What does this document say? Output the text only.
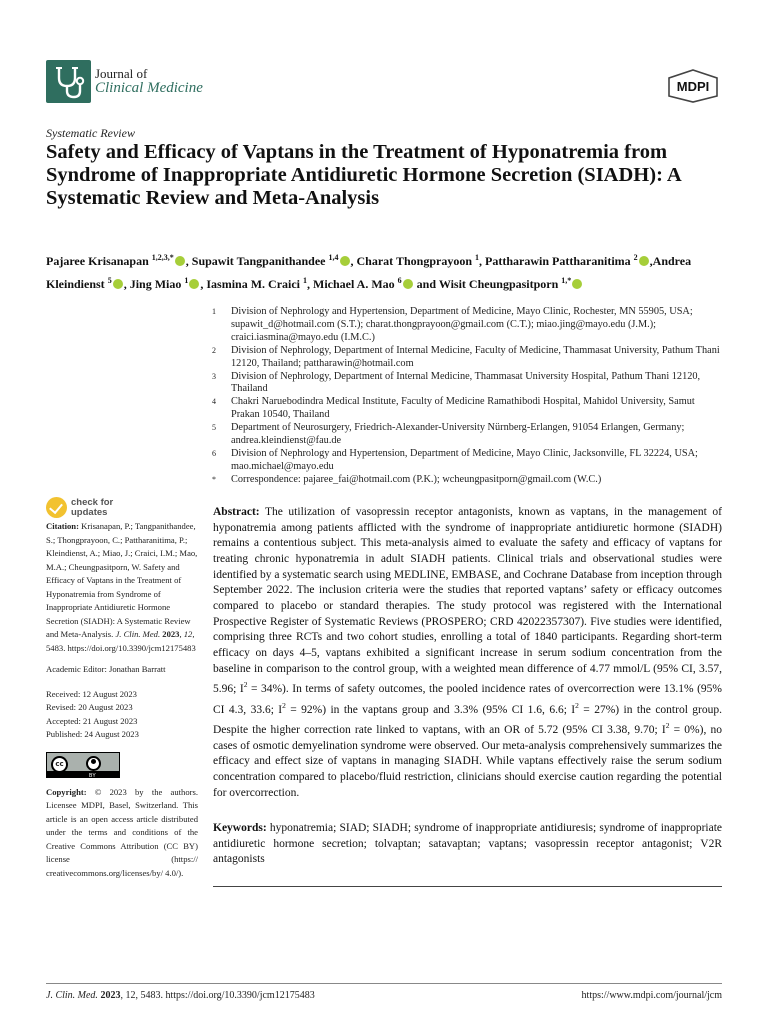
Journal of
Clinical Medicine	MDPI
Systematic Review
Safety and Efficacy of Vaptans in the Treatment of Hyponatremia from Syndrome of Inappropriate Antidiuretic Hormone Secretion (SIADH): A Systematic Review and Meta-Analysis
Pajaree Krisanapan $^{1,2,3,*}$ , Supawit Tangpanithandee $^{1,4}$ , Charat Thongprayoon $^1$, Pattharawin Pattharanitima $^2$ ,Andrea Kleindienst $^5$ , Jing Miao $^1$ , Iasmina M. Craici $^1$, Michael A. Mao $^6$ and Wisit Cheungpasitporn $^{1,*}$
1	Division of Nephrology and Hypertension, Department of Medicine, Mayo Clinic, Rochester, MN 55905, USA; supawit_d@hotmail.com (S.T.); charat.thongprayoon@gmail.com (C.T.); miao.jing@mayo.edu (J.M.); craici.iasmina@mayo.edu (I.M.C.)
2	Division of Nephrology, Department of Internal Medicine, Faculty of Medicine, Thammasat University, Pathum Thani 12120, Thailand; pattharawin@hotmail.com
3	Division of Nephrology, Department of Internal Medicine, Thammasat University Hospital, Pathum Thani 12120, Thailand
4	Chakri Naruebodindra Medical Institute, Faculty of Medicine Ramathibodi Hospital, Mahidol University, Samut Prakan 10540, Thailand
5	Department of Neurosurgery, Friedrich-Alexander-University Nürnberg-Erlangen, 91054 Erlangen, Germany; andrea.kleindienst@fau.de
6	Division of Nephrology and Hypertension, Department of Medicine, Mayo Clinic, Jacksonville, FL 32224, USA; mao.michael@mayo.edu
*	Correspondence: pajaree_fai@hotmail.com (P.K.); wcheungpasitporn@gmail.com (W.C.)
check for
updates
Citation: Krisanapan, P.; Tangpanithandee, S.; Thongprayoon, C.; Pattharanitima, P.; Kleindienst, A.; Miao, J.; Craici, I.M.; Mao, M.A.; Cheungpasitporn, W. Safety and Efficacy of Vaptans in the Treatment of Hyponatremia from Syndrome of Inappropriate Antidiuretic Hormone Secretion (SIADH): A Systematic Review and Meta-Analysis. J. Clin. Med. 2023, 12, 5483. https://doi.org/10.3390/jcm12175483
Academic Editor: Jonathan Barratt
Received: 12 August 2023
Revised: 20 August 2023
Accepted: 21 August 2023
Published: 24 August 2023
cc
BY
Copyright: © 2023 by the authors. Licensee MDPI, Basel, Switzerland. This article is an open access article distributed under the terms and conditions of the Creative Commons Attribution (CC BY) license (https:// creativecommons.org/licenses/by/ 4.0/).
Abstract: The utilization of vasopressin receptor antagonists, known as vaptans, in the management of hyponatremia among patients afflicted with the syndrome of inappropriate antidiuretic hormone (SIADH) remains a contentious subject. This meta-analysis aimed to evaluate the safety and efficacy of vaptans for treating chronic hyponatremia in adult SIADH patients. Clinical trials and observational studies were identified by a systematic search using MEDLINE, EMBASE, and Cochrane Database from inception through September 2022. The inclusion criteria were the studies that reported vaptans’ safety or efficacy outcomes compared to placebo or standard therapies. The study protocol was registered with the International Prospective Register of Systematic Reviews (PROSPERO; CRD 42022357307). Five studies were identified, comprising three RCTs and two cohort studies, enrolling a total of 1840 participants. Regarding short-term efficacy on days 4–5, vaptans exhibited a significant increase in serum sodium concentration from the baseline in comparison to the control group, with a weighted mean difference of 4.77 mmol/L (95% CI, 3.57, 5.96; $I^2 = 34\%$). In terms of safety outcomes, the pooled incidence rates of overcorrection were 13.1% (95% CI 4.3, 33.6; $I^2 = 92\%$) in the vaptans group and 3.3% (95% CI 1.6, 6.6; $I^2 = 27\%$) in the control group. Despite the higher correction rate linked to vaptans, with an OR of 5.72 (95% CI 3.38, 9.70; $I^2 = 0\%$), no cases of osmotic demyelination syndrome were observed. Our meta-analysis comprehensively summarizes the efficacy and effect size of vaptans in managing SIADH. While vaptans effectively raise the serum sodium concentration compared to placebo/fluid restriction, clinicians should exercise caution regarding the potential for overcorrection.
Keywords: hyponatremia; SIAD; SIADH; syndrome of inappropriate antidiuresis; syndrome of inappropriate antidiuretic hormone secretion; tolvaptan; satavaptan; vaptans; vasopressin receptor antagonist; V2R antagonists
J. Clin. Med. 2023, 12, 5483. https://doi.org/10.3390/jcm12175483	https://www.mdpi.com/journal/jcm
